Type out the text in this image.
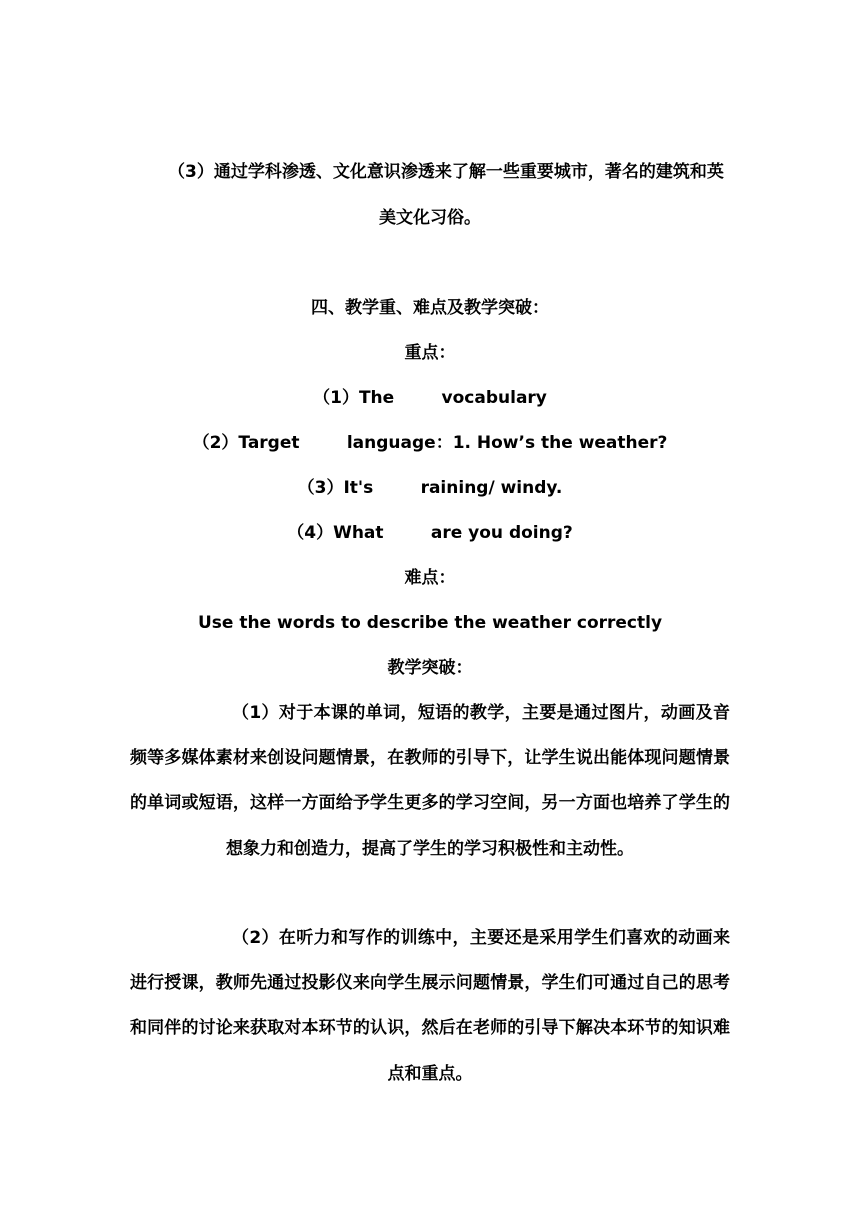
（3）通过学科渗透、文化意识渗透来了解一些重要城市，著名的建筑和英
美文化习俗。
四、教学重、难点及教学突破：
重点：
（1）The        vocabulary
（2）Target        language：1. How’s the weather?
（3）It's        raining/ windy.
（4）What        are you doing?
难点：
Use the words to describe the weather correctly
教学突破：
（1）对于本课的单词，短语的教学，主要是通过图片，动画及音
频等多媒体素材来创设问题情景，在教师的引导下，让学生说出能体现问题情景
的单词或短语，这样一方面给予学生更多的学习空间，另一方面也培养了学生的
想象力和创造力，提高了学生的学习积极性和主动性。
（2）在听力和写作的训练中，主要还是采用学生们喜欢的动画来
进行授课，教师先通过投影仪来向学生展示问题情景，学生们可通过自己的思考
和同伴的讨论来获取对本环节的认识，然后在老师的引导下解决本环节的知识难
点和重点。
